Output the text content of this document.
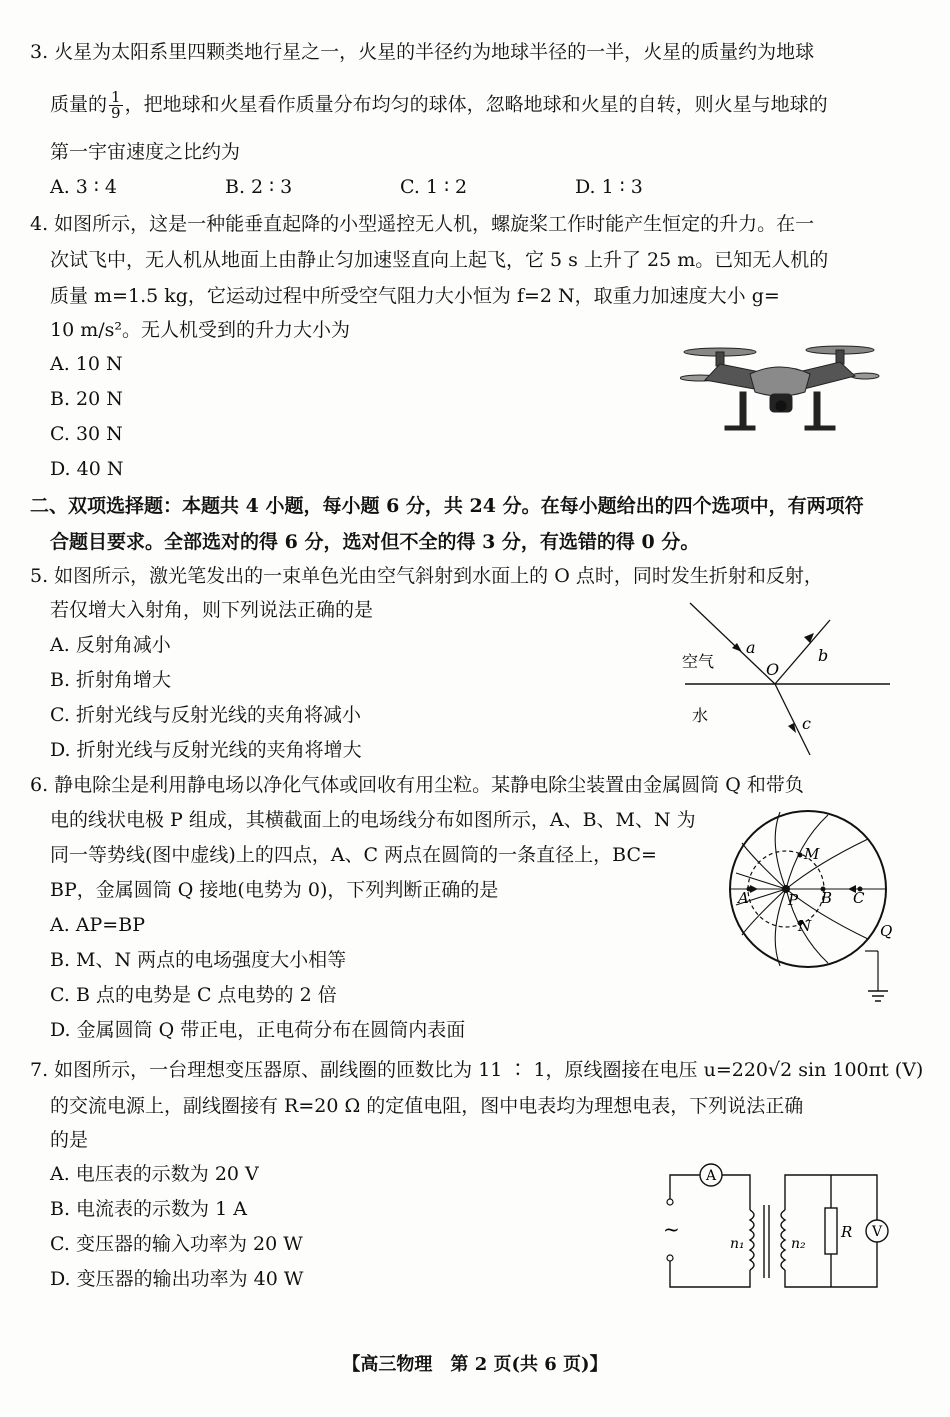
3. 火星为太阳系里四颗类地行星之一，火星的半径约为地球半径的一半，火星的质量约为地球
质量的 $\frac{1}{9}$ ，把地球和火星看作质量分布均匀的球体，忽略地球和火星的自转，则火星与地球的
第一宇宙速度之比约为
A. 3 ∶ 4	B. 2 ∶ 3	C. 1 ∶ 2	D. 1 ∶ 3
4. 如图所示，这是一种能垂直起降的小型遥控无人机，螺旋桨工作时能产生恒定的升力。在一
次试飞中，无人机从地面上由静止匀加速竖直向上起飞，它 5 s 上升了 25 m。已知无人机的
质量 m=1.5 kg，它运动过程中所受空气阻力大小恒为 f=2 N，取重力加速度大小 g=
10 m/s²。无人机受到的升力大小为
A. 10 N
B. 20 N
C. 30 N
D. 40 N
二、双项选择题：本题共 4 小题，每小题 6 分，共 24 分。在每小题给出的四个选项中，有两项符
合题目要求。全部选对的得 6 分，选对但不全的得 3 分，有选错的得 0 分。
5. 如图所示，激光笔发出的一束单色光由空气斜射到水面上的 O 点时，同时发生折射和反射，
若仅增大入射角，则下列说法正确的是
A. 反射角减小
B. 折射角增大
C. 折射光线与反射光线的夹角将减小
D. 折射光线与反射光线的夹角将增大
空气
水
a	b
c
O
6. 静电除尘是利用静电场以净化气体或回收有用尘粒。某静电除尘装置由金属圆筒 Q 和带负
电的线状电极 P 组成，其横截面上的电场线分布如图所示，A、B、M、N 为
同一等势线(图中虚线)上的四点，A、C 两点在圆筒的一条直径上，BC=
BP，金属圆筒 Q 接地(电势为 0)，下列判断正确的是
A. AP=BP
B. M、N 两点的电场强度大小相等
C. B 点的电势是 C 点电势的 2 倍
D. 金属圆筒 Q 带正电，正电荷分布在圆筒内表面
M
N
A	B C
P
Q
7. 如图所示，一台理想变压器原、副线圈的匝数比为 11 ∶ 1，原线圈接在电压 u=220√2 sin 100πt (V)
的交流电源上，副线圈接有 R=20 Ω 的定值电阻，图中电表均为理想电表，下列说法正确
的是
A. 电压表的示数为 20 V
B. 电流表的示数为 1 A
C. 变压器的输入功率为 20 W
D. 变压器的输出功率为 40 W
~
A
V
n₁	n₂
R
【高三物理　第 2 页(共 6 页)】
